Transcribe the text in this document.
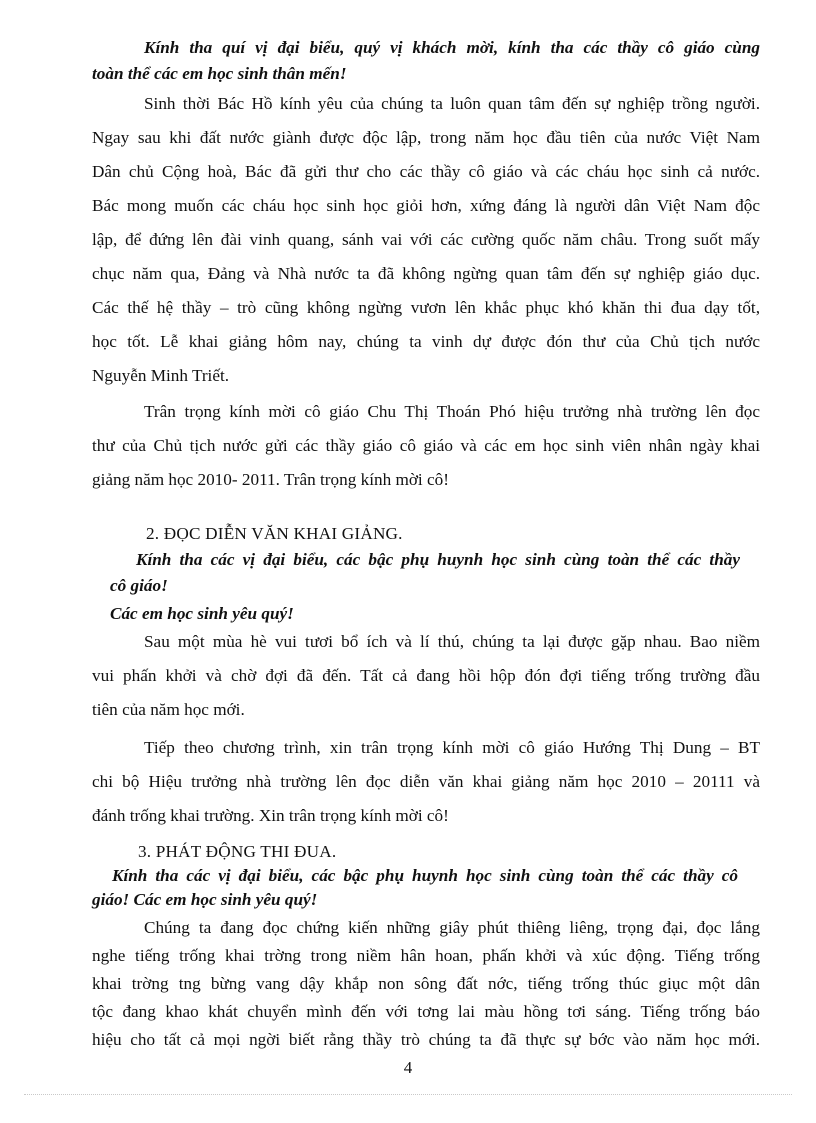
Kính tha quí vị đại biểu, quý vị khách mời, kính tha các thầy cô giáo cùng
toàn thể các em học sinh thân mến!
Sinh thời Bác Hồ kính yêu của chúng ta luôn quan tâm đến sự nghiệp trồng người.
Ngay sau khi đất nước giành được độc lập, trong năm học đầu tiên của nước Việt Nam
Dân chủ Cộng hoà, Bác đã gửi thư cho các thầy cô giáo và các cháu học sinh cả nước.
Bác mong muốn các cháu học sinh học giỏi hơn, xứng đáng là người dân Việt Nam độc
lập, để đứng lên đài vinh quang, sánh vai với các cường quốc năm châu. Trong suốt mấy
chục năm qua, Đảng và Nhà nước ta đã không ngừng quan tâm đến sự nghiệp giáo dục.
Các thế hệ thầy – trò cũng không ngừng vươn lên khắc phục khó khăn thi đua dạy tốt,
học tốt. Lễ khai giảng hôm nay, chúng ta vinh dự được đón thư của Chủ tịch nước
Nguyễn Minh Triết.
Trân trọng kính mời cô giáo Chu Thị Thoán Phó hiệu trưởng nhà trường lên đọc
thư của Chủ tịch nước gửi các thầy giáo cô giáo và các em học sinh viên nhân ngày khai
giảng năm học 2010- 2011. Trân trọng kính mời cô!
2. ĐỌC DIỄN VĂN KHAI GIẢNG.
Kính tha các vị đại biểu, các bậc phụ huynh học sinh cùng toàn thể các thầy
cô giáo!
Các em học sinh yêu quý!
Sau một mùa hè vui tươi bổ ích và lí thú, chúng ta lại được gặp nhau. Bao niềm
vui phấn khởi và chờ đợi đã đến. Tất cả đang hồi hộp đón đợi tiếng trống trường đầu
tiên của năm học mới.
Tiếp theo chương trình, xin trân trọng kính mời cô giáo Hướng Thị Dung – BT
chi bộ Hiệu trưởng nhà trường lên đọc diễn văn khai giảng năm học 2010 – 20111 và
đánh trống khai trường. Xin trân trọng kính mời cô!
3. PHÁT ĐỘNG THI ĐUA.
Kính tha các vị đại biểu, các bậc phụ huynh học sinh cùng toàn thể các thầy cô
giáo! Các em học sinh yêu quý!
Chúng ta đang đọc chứng kiến những giây phút thiêng liêng, trọng đại, đọc lắng
nghe tiếng trống khai trờng trong niềm hân hoan, phấn khởi và xúc động. Tiếng trống
khai trờng tng bừng vang dậy khắp non sông đất nớc, tiếng trống thúc giục một dân
tộc đang khao khát chuyển mình đến với tơng lai màu hồng tơi sáng. Tiếng trống báo
hiệu cho tất cả mọi ngời biết rằng thầy trò chúng ta đã thực sự bớc vào năm học mới.
4
